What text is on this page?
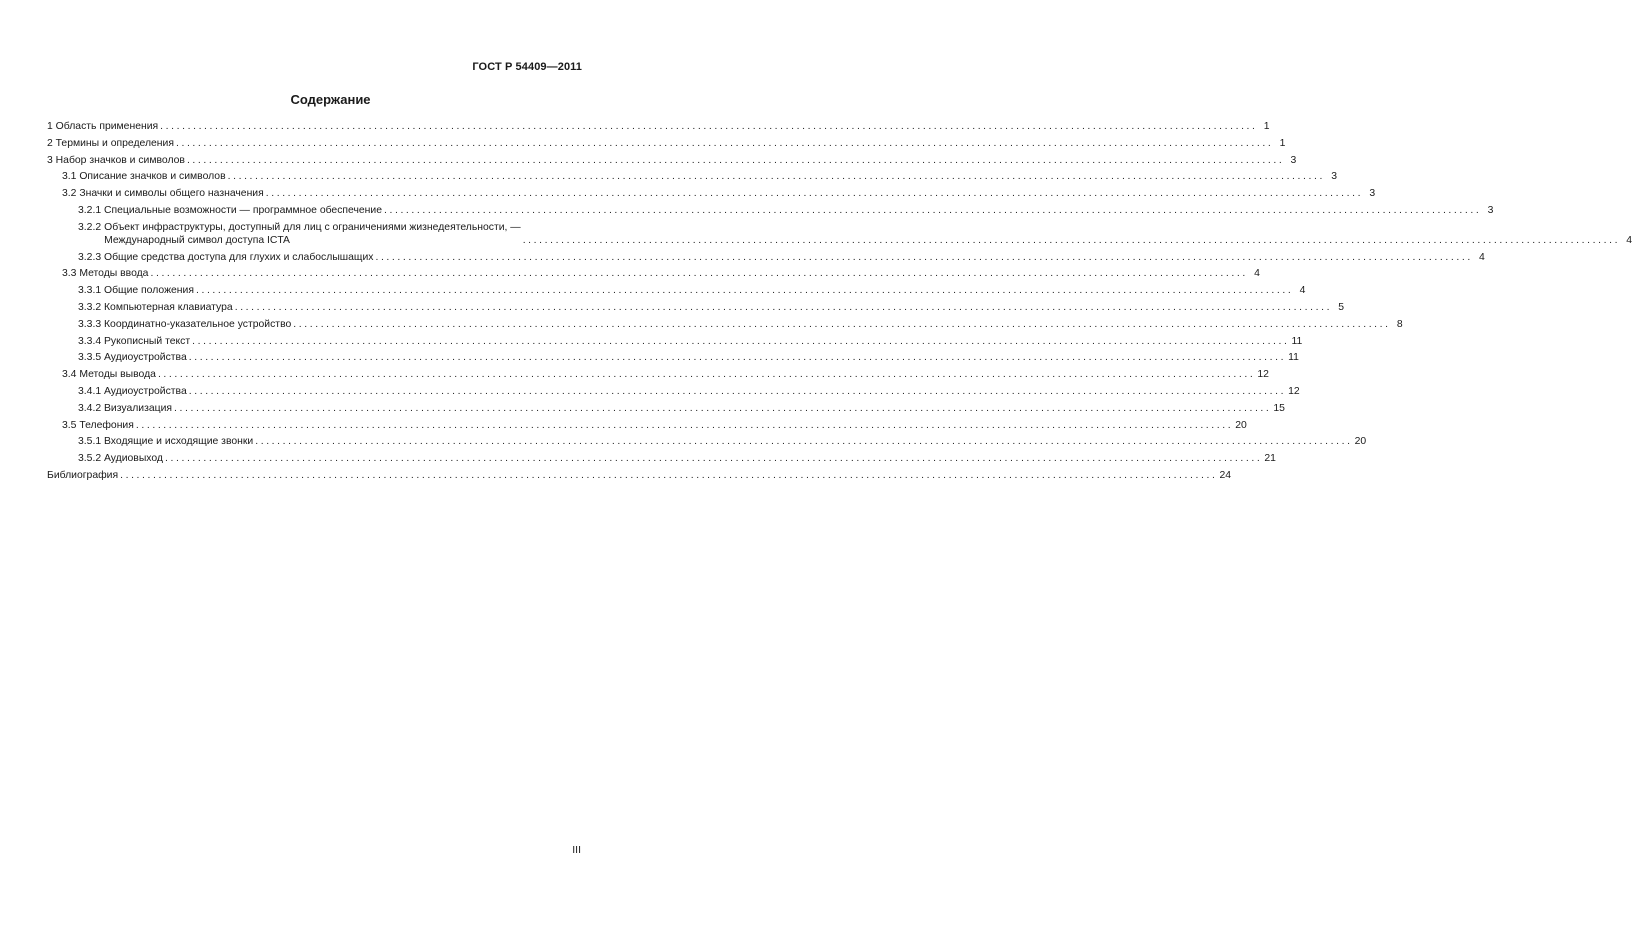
ГОСТ Р 54409—2011
Содержание
1 Область применения ........................................................................................................................................................................................................ 1
2 Термины и определения ........................................................................................................................................................................................................ 1
3 Набор значков и символов ........................................................................................................................................................................................................ 3
3.1 Описание значков и символов ........................................................................................................................................................................................................ 3
3.2 Значки и символы общего назначения ........................................................................................................................................................................................................ 3
3.2.1 Специальные возможности — программное обеспечение ........................................................................................................................................................................................................ 3
3.2.2 Объект инфраструктуры, доступный для лиц с ограничениями жизнедеятельности, —
Международный символ доступа ICTA	........................................................................................................................................................................................................ 4
3.2.3 Общие средства доступа для глухих и слабослышащих ........................................................................................................................................................................................................ 4
3.3 Методы ввода ........................................................................................................................................................................................................ 4
3.3.1 Общие положения ........................................................................................................................................................................................................ 4
3.3.2 Компьютерная клавиатура ........................................................................................................................................................................................................ 5
3.3.3 Координатно-указательное устройство ........................................................................................................................................................................................................ 8
3.3.4 Рукописный текст ........................................................................................................................................................................................................ 11
3.3.5 Аудиоустройства ........................................................................................................................................................................................................ 11
3.4 Методы вывода ........................................................................................................................................................................................................ 12
3.4.1 Аудиоустройства ........................................................................................................................................................................................................ 12
3.4.2 Визуализация ........................................................................................................................................................................................................ 15
3.5 Телефония ........................................................................................................................................................................................................ 20
3.5.1 Входящие и исходящие звонки ........................................................................................................................................................................................................ 20
3.5.2 Аудиовыход ........................................................................................................................................................................................................ 21
Библиография ........................................................................................................................................................................................................ 24
III
